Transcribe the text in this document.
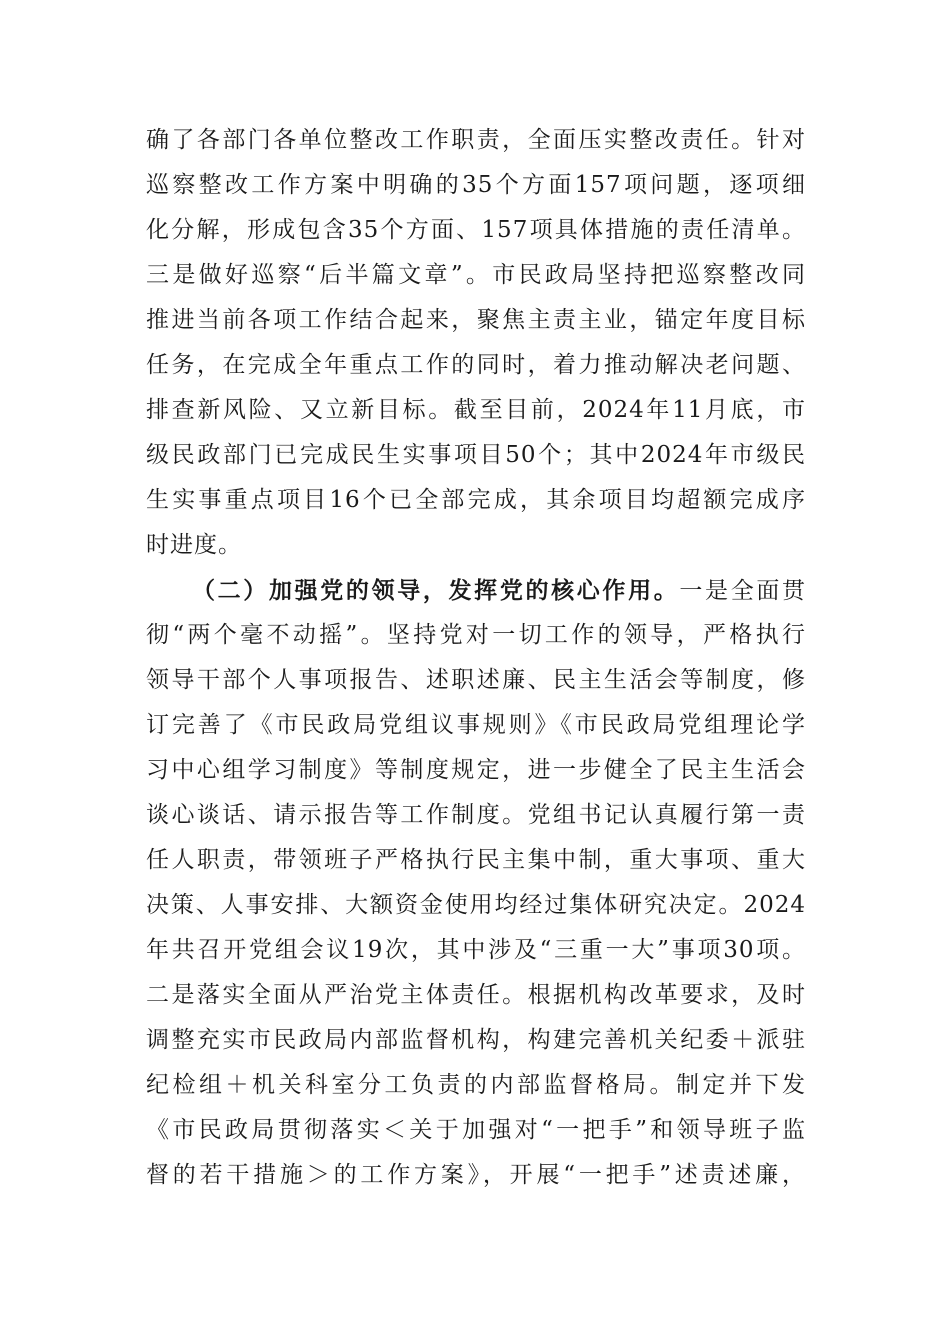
确了各部门各单位整改工作职责，全面压实整改责任。针对
巡察整改工作方案中明确的35个方面157项问题，逐项细
化分解，形成包含35个方面、157项具体措施的责任清单。
三是做好巡察“后半篇文章”。市民政局坚持把巡察整改同
推进当前各项工作结合起来，聚焦主责主业，锚定年度目标
任务，在完成全年重点工作的同时，着力推动解决老问题、
排查新风险、又立新目标。截至目前，2024年11月底，市
级民政部门已完成民生实事项目50个；其中2024年市级民
生实事重点项目16个已全部完成，其余项目均超额完成序
时进度。
（二）加强党的领导，发挥党的核心作用。一是全面贯
彻“两个毫不动摇”。坚持党对一切工作的领导，严格执行
领导干部个人事项报告、述职述廉、民主生活会等制度，修
订完善了《市民政局党组议事规则》《市民政局党组理论学
习中心组学习制度》等制度规定，进一步健全了民主生活会
谈心谈话、请示报告等工作制度。党组书记认真履行第一责
任人职责，带领班子严格执行民主集中制，重大事项、重大
决策、人事安排、大额资金使用均经过集体研究决定。2024
年共召开党组会议19次，其中涉及“三重一大”事项30项。
二是落实全面从严治党主体责任。根据机构改革要求，及时
调整充实市民政局内部监督机构，构建完善机关纪委＋派驻
纪检组＋机关科室分工负责的内部监督格局。制定并下发
《市民政局贯彻落实＜关于加强对“一把手”和领导班子监
督的若干措施＞的工作方案》，开展“一把手”述责述廉，
